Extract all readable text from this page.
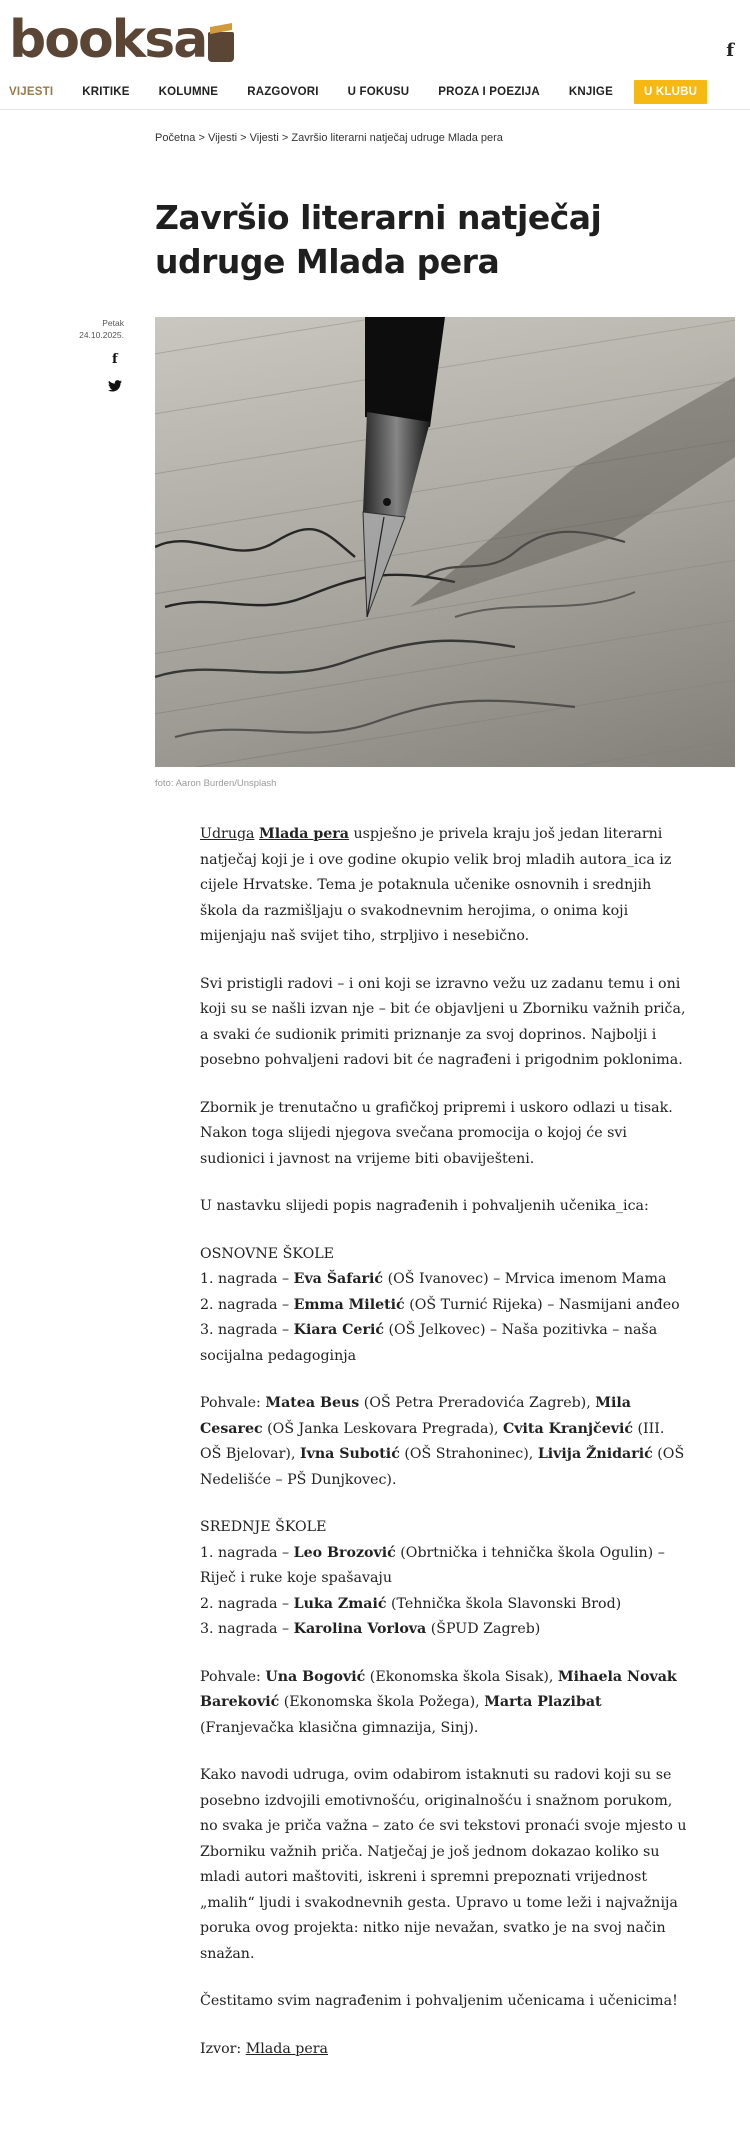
booksa	f
VIJESTI	KRITIKE	KOLUMNE	RAZGOVORI	U FOKUSU	PROZA I POEZIJA	KNJIGE	U KLUBU
Početna > Vijesti > Vijesti > Završio literarni natječaj udruge Mlada pera
Završio literarni natječaj udruge Mlada pera
Petak
24.10.2025.
f
foto: Aaron Burden/Unsplash

Udruga Mlada pera uspješno je privela kraju još jedan literarni natječaj koji je i ove godine okupio velik broj mladih autora_ica iz cijele Hrvatske. Tema je potaknula učenike osnovnih i srednjih škola da razmišljaju o svakodnevnim herojima, o onima koji mijenjaju naš svijet tiho, strpljivo i nesebično.

Svi pristigli radovi – i oni koji se izravno vežu uz zadanu temu i oni koji su se našli izvan nje – bit će objavljeni u Zborniku važnih priča, a svaki će sudionik primiti priznanje za svoj doprinos. Najbolji i posebno pohvaljeni radovi bit će nagrađeni i prigodnim poklonima.

Zbornik je trenutačno u grafičkoj pripremi i uskoro odlazi u tisak. Nakon toga slijedi njegova svečana promocija o kojoj će svi sudionici i javnost na vrijeme biti obaviješteni.

U nastavku slijedi popis nagrađenih i pohvaljenih učenika_ica:

OSNOVNE ŠKOLE
1. nagrada – Eva Šafarić (OŠ Ivanovec) – Mrvica imenom Mama
2. nagrada – Emma Miletić (OŠ Turnić Rijeka) – Nasmijani anđeo
3. nagrada – Kiara Cerić (OŠ Jelkovec) – Naša pozitivka – naša socijalna pedagoginja

Pohvale: Matea Beus (OŠ Petra Preradovića Zagreb), Mila Cesarec (OŠ Janka Leskovara Pregrada), Cvita Kranjčević (III. OŠ Bjelovar), Ivna Subotić (OŠ Strahoninec), Livija Žnidarić (OŠ Nedelišće – PŠ Dunjkovec).

SREDNJE ŠKOLE
1. nagrada – Leo Brozović (Obrtnička i tehnička škola Ogulin) – Riječ i ruke koje spašavaju
2. nagrada – Luka Zmaić (Tehnička škola Slavonski Brod)
3. nagrada – Karolina Vorlova (ŠPUD Zagreb)

Pohvale: Una Bogović (Ekonomska škola Sisak), Mihaela Novak Bareković (Ekonomska škola Požega), Marta Plazibat (Franjevačka klasična gimnazija, Sinj).

Kako navodi udruga, ovim odabirom istaknuti su radovi koji su se posebno izdvojili emotivnošću, originalnošću i snažnom porukom, no svaka je priča važna – zato će svi tekstovi pronaći svoje mjesto u Zborniku važnih priča. Natječaj je još jednom dokazao koliko su mladi autori maštoviti, iskreni i spremni prepoznati vrijednost „malih“ ljudi i svakodnevnih gesta. Upravo u tome leži i najvažnija poruka ovog projekta: nitko nije nevažan, svatko je na svoj način snažan.

Čestitamo svim nagrađenim i pohvaljenim učenicama i učenicima!

Izvor: Mlada pera
